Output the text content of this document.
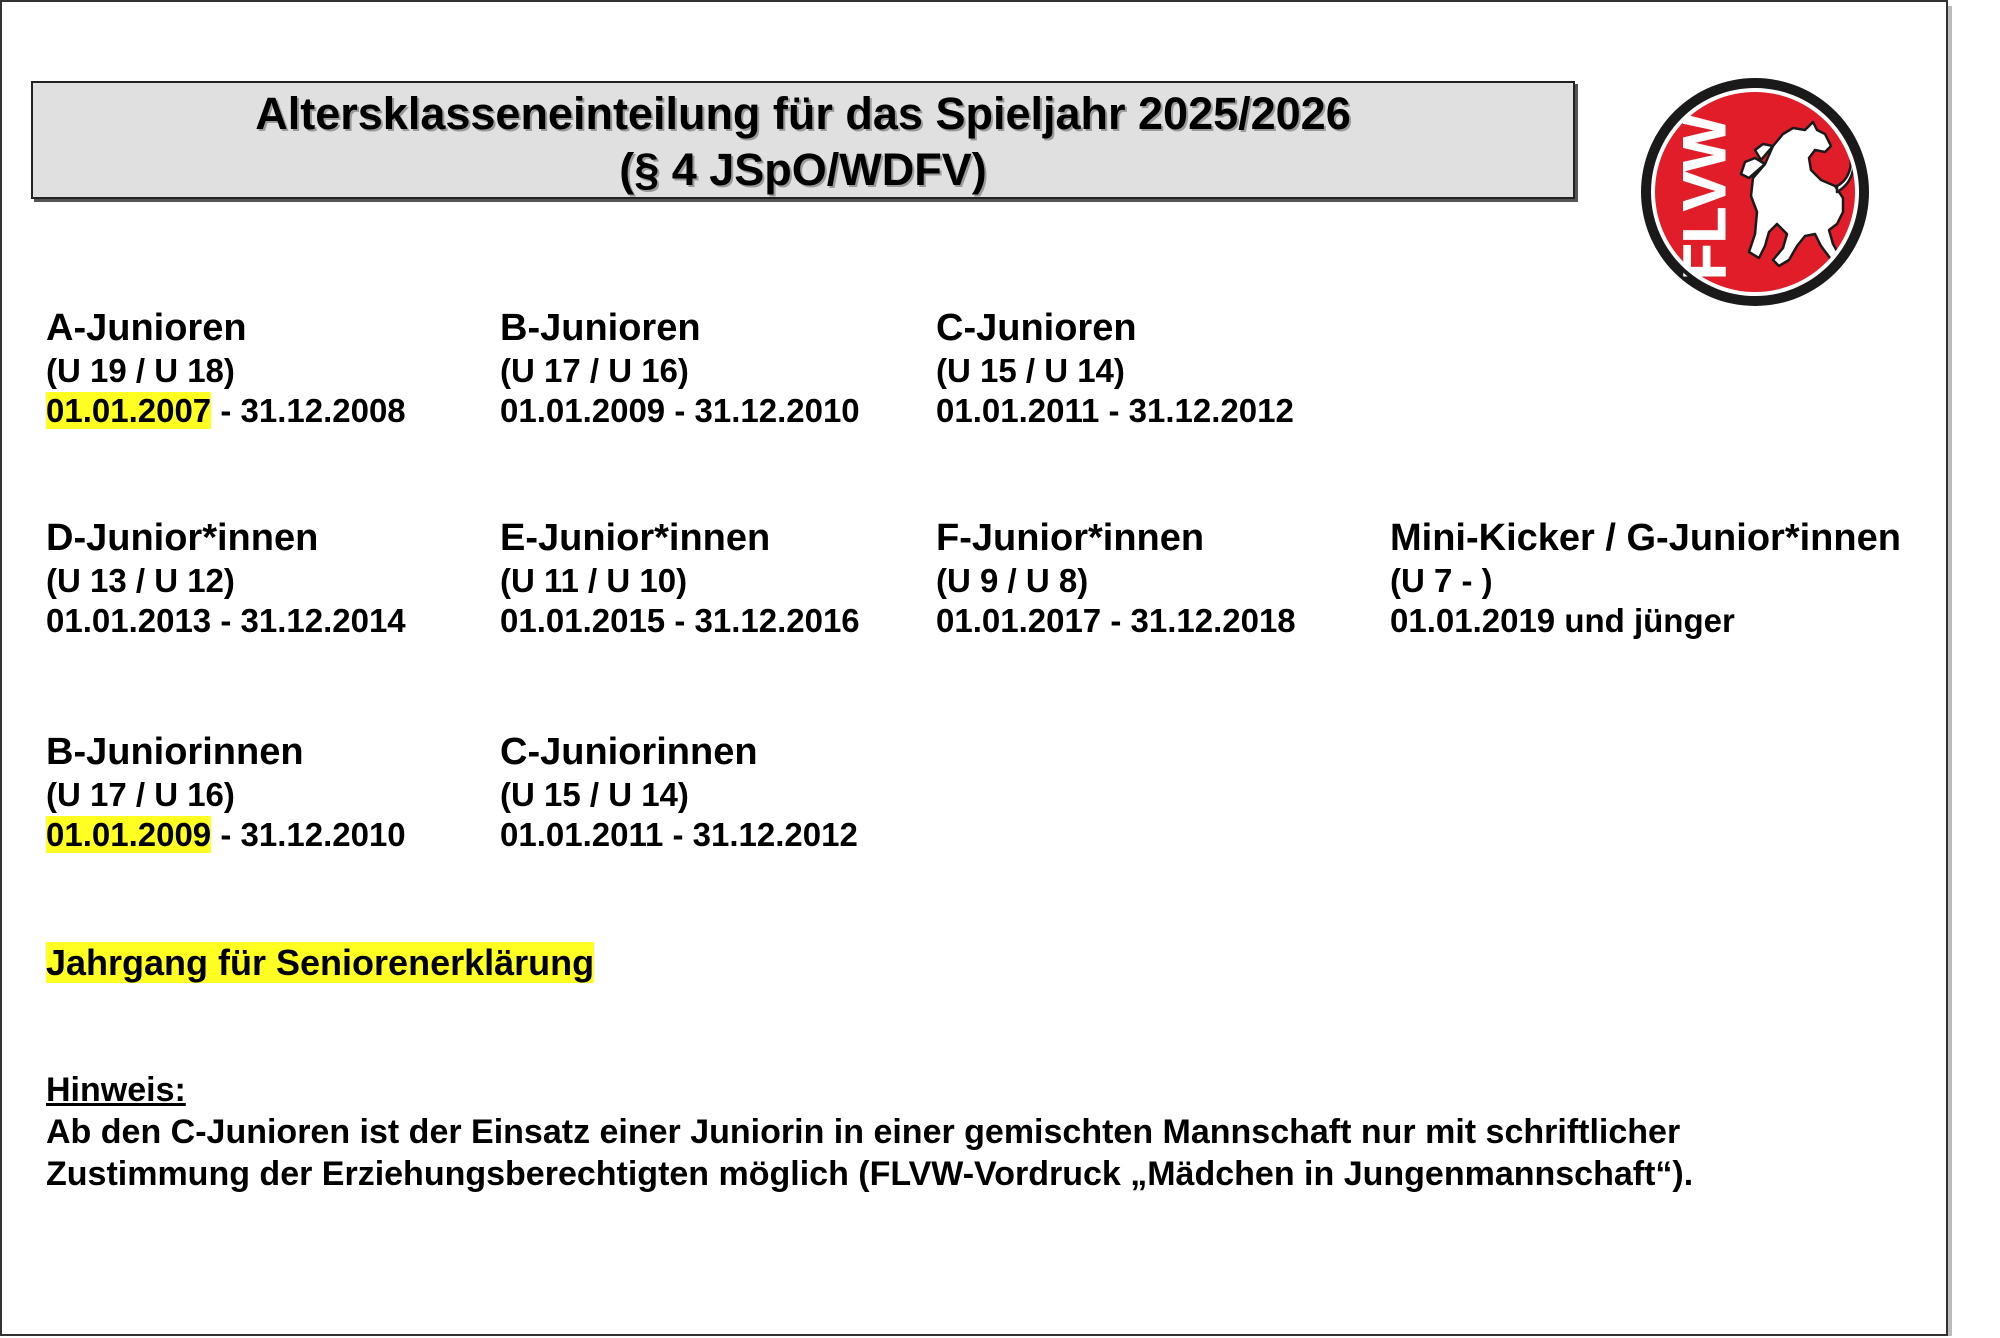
Altersklasseneinteilung für das Spieljahr 2025/2026
(§ 4 JSpO/WDFV)	FLVW
A-Junioren
(U 19 / U 18)
01.01.2007 - 31.12.2008
B-Junioren
(U 17 / U 16)
01.01.2009 - 31.12.2010
C-Junioren
(U 15 / U 14)
01.01.2011 - 31.12.2012
D-Junior*innen
(U 13 / U 12)
01.01.2013 - 31.12.2014
E-Junior*innen
(U 11 / U 10)
01.01.2015 - 31.12.2016
F-Junior*innen
(U 9 / U 8)
01.01.2017 - 31.12.2018
Mini-Kicker / G-Junior*innen
(U 7 - )
01.01.2019 und jünger
B-Juniorinnen
(U 17 / U 16)
01.01.2009 - 31.12.2010
C-Juniorinnen
(U 15 / U 14)
01.01.2011 - 31.12.2012
Jahrgang für Seniorenerklärung
Hinweis:
Ab den C-Junioren ist der Einsatz einer Juniorin in einer gemischten Mannschaft nur mit schriftlicher
Zustimmung der Erziehungsberechtigten möglich (FLVW-Vordruck „Mädchen in Jungenmannschaft“).
